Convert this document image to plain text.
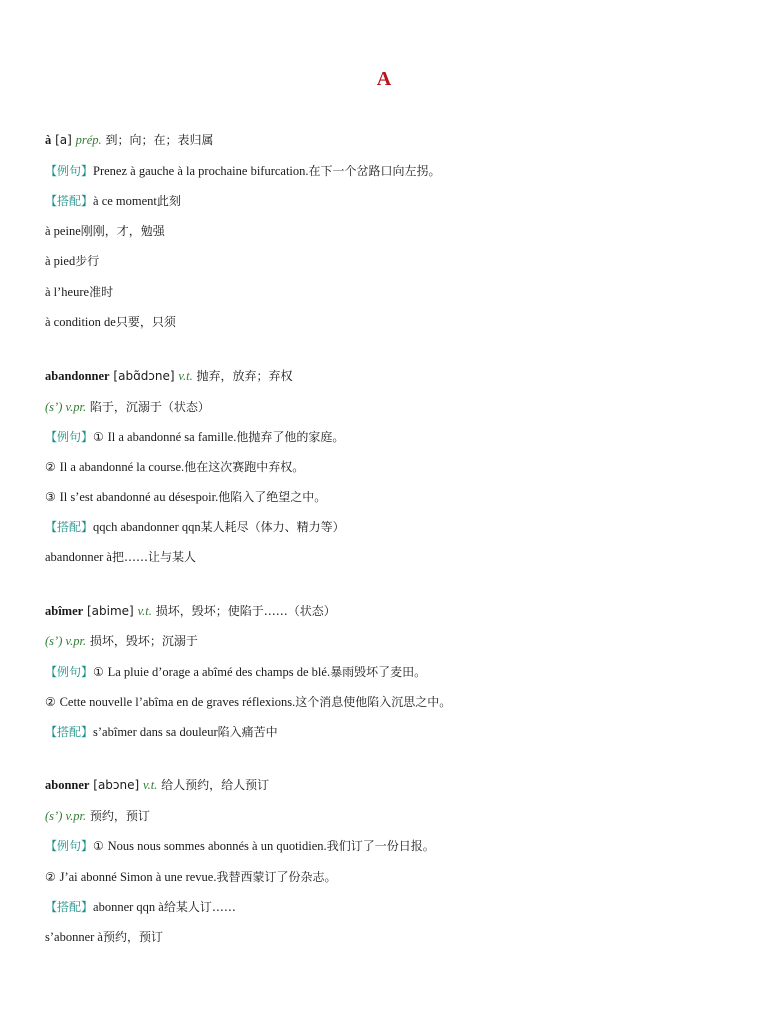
A
à [a] prép. 到；向；在；表归属
【例句】Prenez à gauche à la prochaine bifurcation.在下一个岔路口向左拐。
【搭配】à ce moment此刻
à peine刚刚，才，勉强
à pied步行
à l’heure准时
à condition de只要，只须
abandonner [abɑ̃dɔne] v.t. 抛弃，放弃；弃权
(s’) v.pr. 陷于，沉溺于（状态）
【例句】① Il a abandonné sa famille.他抛弃了他的家庭。
② Il a abandonné la course.他在这次赛跑中弃权。
③ Il s’est abandonné au désespoir.他陷入了绝望之中。
【搭配】qqch abandonner qqn某人耗尽（体力、精力等）
abandonner à把……让与某人
abîmer [abime] v.t. 损坏，毁坏；使陷于……（状态）
(s’) v.pr. 损坏，毁坏；沉溺于
【例句】① La pluie d’orage a abîmé des champs de blé.暴雨毁坏了麦田。
② Cette nouvelle l’abîma en de graves réflexions.这个消息使他陷入沉思之中。
【搭配】s’abîmer dans sa douleur陷入痛苦中
abonner [abɔne] v.t. 给人预约，给人预订
(s’) v.pr. 预约，预订
【例句】① Nous nous sommes abonnés à un quotidien.我们订了一份日报。
② J’ai abonné Simon à une revue.我替西蒙订了份杂志。
【搭配】abonner qqn à给某人订……
s’abonner à预约，预订
